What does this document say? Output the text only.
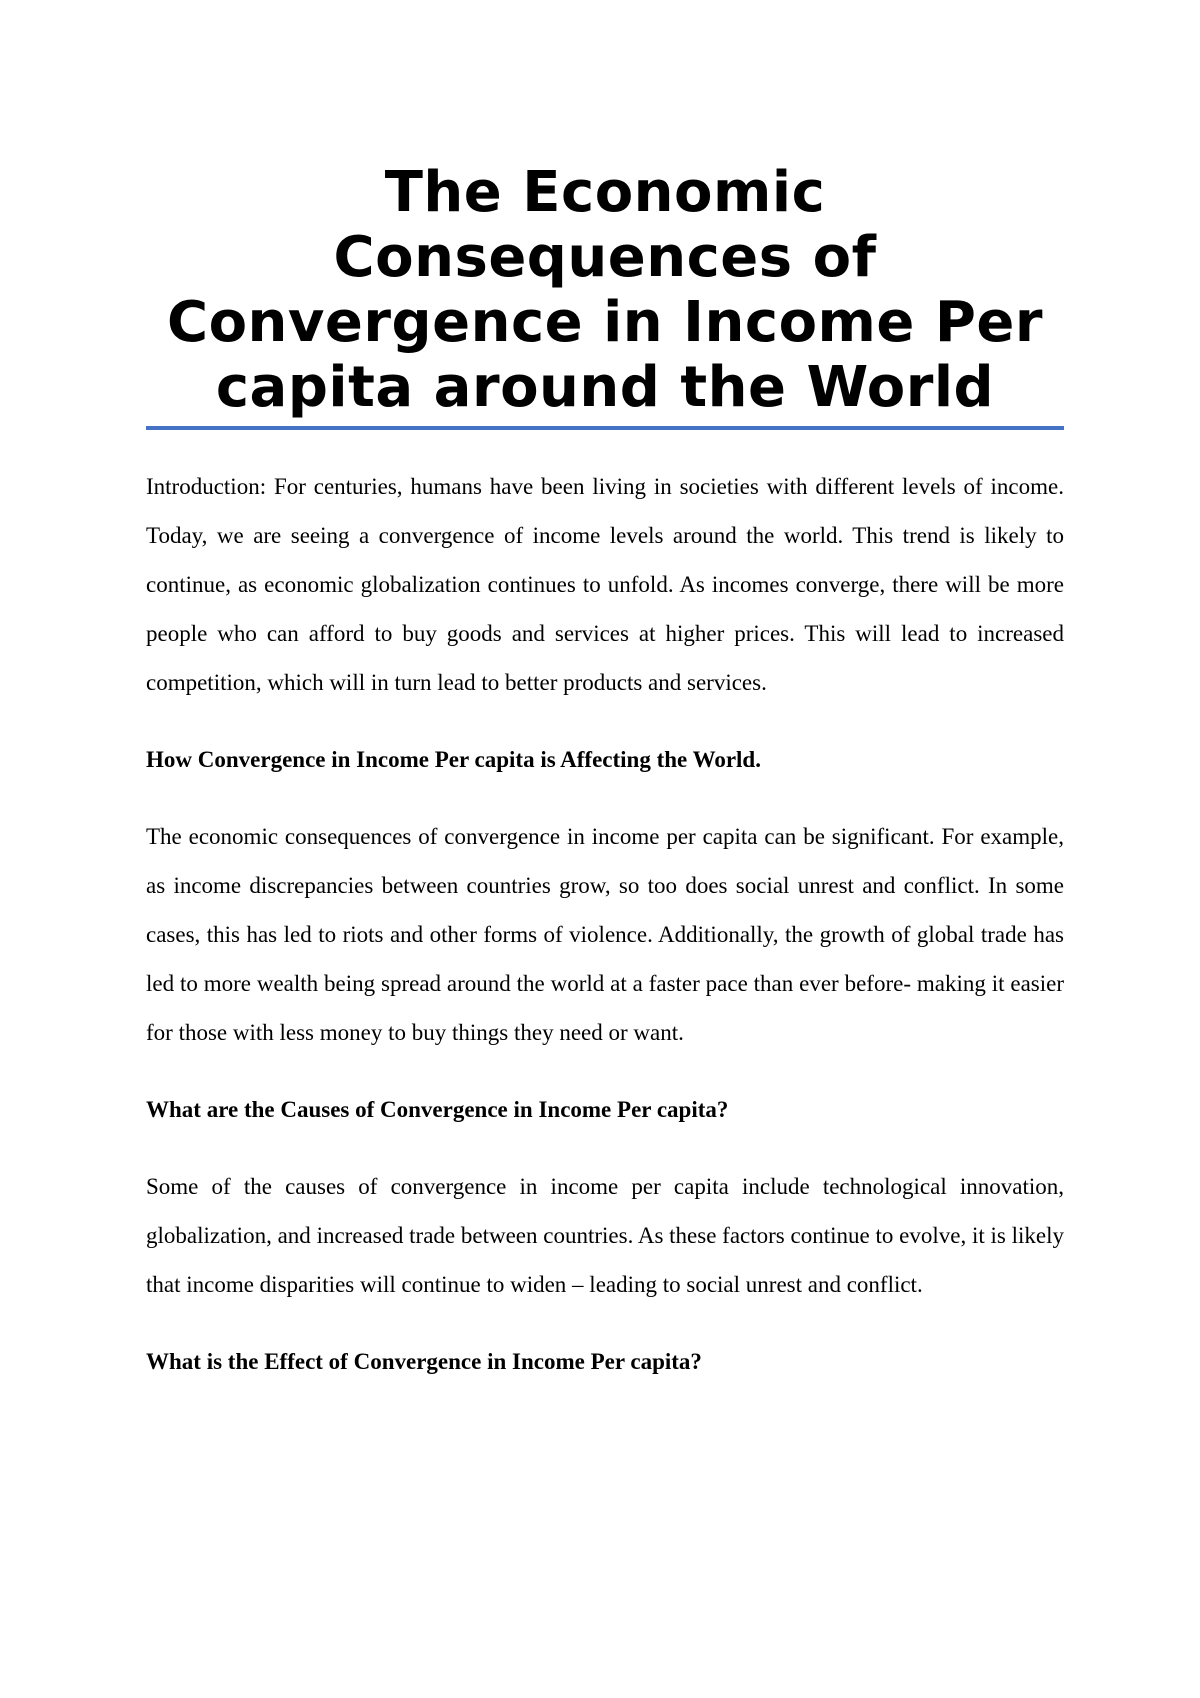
The Economic Consequences of Convergence in Income Per capita around the World

Introduction: For centuries, humans have been living in societies with different levels of income. Today, we are seeing a convergence of income levels around the world. This trend is likely to continue, as economic globalization continues to unfold. As incomes converge, there will be more people who can afford to buy goods and services at higher prices. This will lead to increased competition, which will in turn lead to better products and services.

How Convergence in Income Per capita is Affecting the World.

The economic consequences of convergence in income per capita can be significant. For example, as income discrepancies between countries grow, so too does social unrest and conflict. In some cases, this has led to riots and other forms of violence. Additionally, the growth of global trade has led to more wealth being spread around the world at a faster pace than ever before- making it easier for those with less money to buy things they need or want.

What are the Causes of Convergence in Income Per capita?

Some of the causes of convergence in income per capita include technological innovation, globalization, and increased trade between countries. As these factors continue to evolve, it is likely that income disparities will continue to widen – leading to social unrest and conflict.

What is the Effect of Convergence in Income Per capita?
